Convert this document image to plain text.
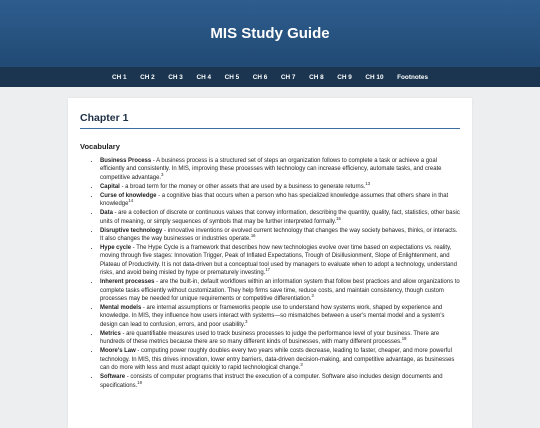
MIS Study Guide
CH 1	CH 2	CH 3	CH 4	CH 5	CH 6	CH 7	CH 8	CH 9	CH 10	Footnotes
Chapter 1
Vocabulary
• Business Process - A business process is a structured set of steps an organization follows to complete a task or achieve a goal efficiently and consistently. In MIS, improving these processes with technology can increase efficiency, automate tasks, and create competitive advantage.$^3$
• Capital - a broad term for the money or other assets that are used by a business to generate returns.$^{13}$
• Curse of knowledge - a cognitive bias that occurs when a person who has specialized knowledge assumes that others share in that knowledge$^{14}$
• Data - are a collection of discrete or continuous values that convey information, describing the quantity, quality, fact, statistics, other basic units of meaning, or simply sequences of symbols that may be further interpreted formally.$^{15}$
• Disruptive technology - innovative inventions or evolved current technology that changes the way society behaves, thinks, or interacts. It also changes the way businesses or industries operate.$^{16}$
• Hype cycle - The Hype Cycle is a framework that describes how new technologies evolve over time based on expectations vs. reality, moving through five stages: Innovation Trigger, Peak of Inflated Expectations, Trough of Disillusionment, Slope of Enlightenment, and Plateau of Productivity. It is not data-driven but a conceptual tool used by managers to evaluate when to adopt a technology, understand risks, and avoid being misled by hype or prematurely investing.$^{17}$
• Inherent processes - are the built-in, default workflows within an information system that follow best practices and allow organizations to complete tasks efficiently without customization. They help firms save time, reduce costs, and maintain consistency, though custom processes may be needed for unique requirements or competitive differentiation.$^3$
• Mental models - are internal assumptions or frameworks people use to understand how systems work, shaped by experience and knowledge. In MIS, they influence how users interact with systems—so mismatches between a user's mental model and a system's design can lead to confusion, errors, and poor usability.$^3$
• Metrics - are quantifiable measures used to track business processes to judge the performance level of your business. There are hundreds of these metrics because there are so many different kinds of businesses, with many different processes.$^{18}$
• Moore's Law - computing power roughly doubles every two years while costs decrease, leading to faster, cheaper, and more powerful technology. In MIS, this drives innovation, lower entry barriers, data-driven decision-making, and competitive advantage, as businesses can do more with less and must adapt quickly to rapid technological change.$^3$
• Software - consists of computer programs that instruct the execution of a computer. Software also includes design documents and specifications.$^{19}$
